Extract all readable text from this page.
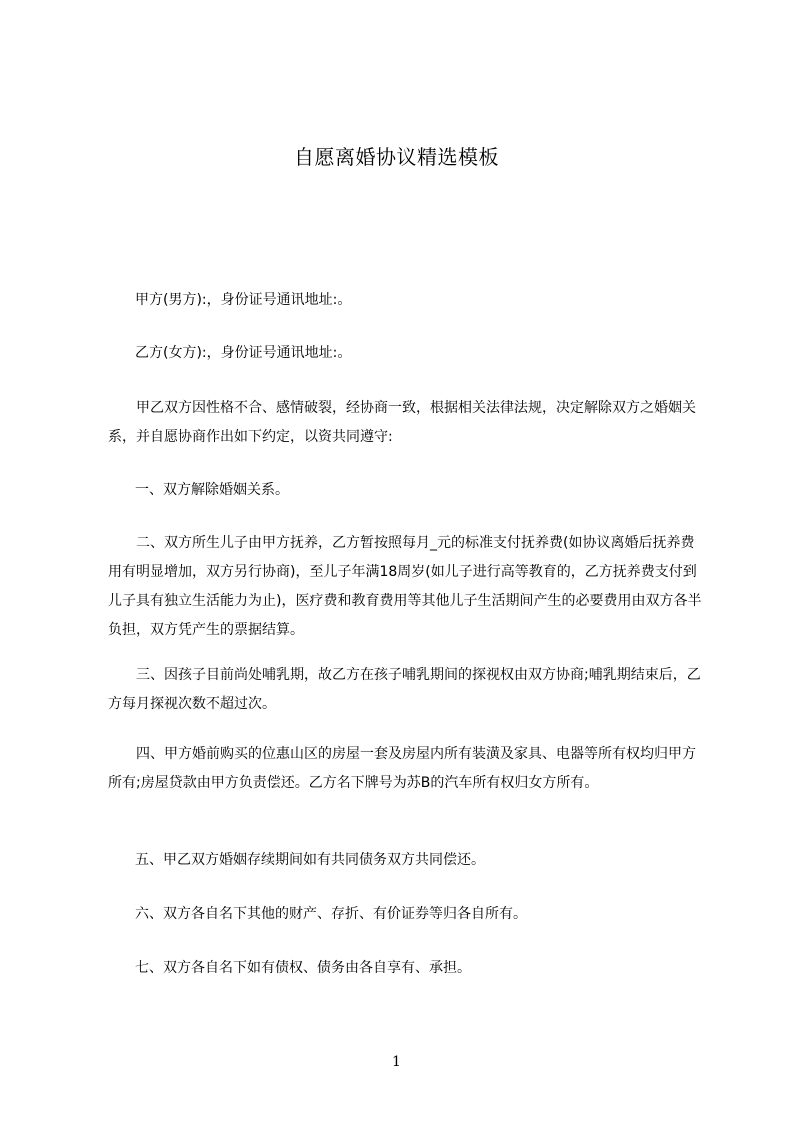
自愿离婚协议精选模板

甲方(男方):，身份证号通讯地址:。

乙方(女方):，身份证号通讯地址:。

甲乙双方因性格不合、感情破裂，经协商一致，根据相关法律法规，决定解除双方之婚姻关系，并自愿协商作出如下约定，以资共同遵守:

一、双方解除婚姻关系。

二、双方所生儿子由甲方抚养，乙方暂按照每月_元的标准支付抚养费(如协议离婚后抚养费用有明显增加，双方另行协商)，至儿子年满18周岁(如儿子进行高等教育的，乙方抚养费支付到儿子具有独立生活能力为止)，医疗费和教育费用等其他儿子生活期间产生的必要费用由双方各半负担，双方凭产生的票据结算。

三、因孩子目前尚处哺乳期，故乙方在孩子哺乳期间的探视权由双方协商;哺乳期结束后，乙方每月探视次数不超过次。

四、甲方婚前购买的位惠山区的房屋一套及房屋内所有装潢及家具、电器等所有权均归甲方所有;房屋贷款由甲方负责偿还。乙方名下牌号为苏B的汽车所有权归女方所有。

五、甲乙双方婚姻存续期间如有共同债务双方共同偿还。

六、双方各自名下其他的财产、存折、有价证券等归各自所有。

七、双方各自名下如有债权、债务由各自享有、承担。

1
